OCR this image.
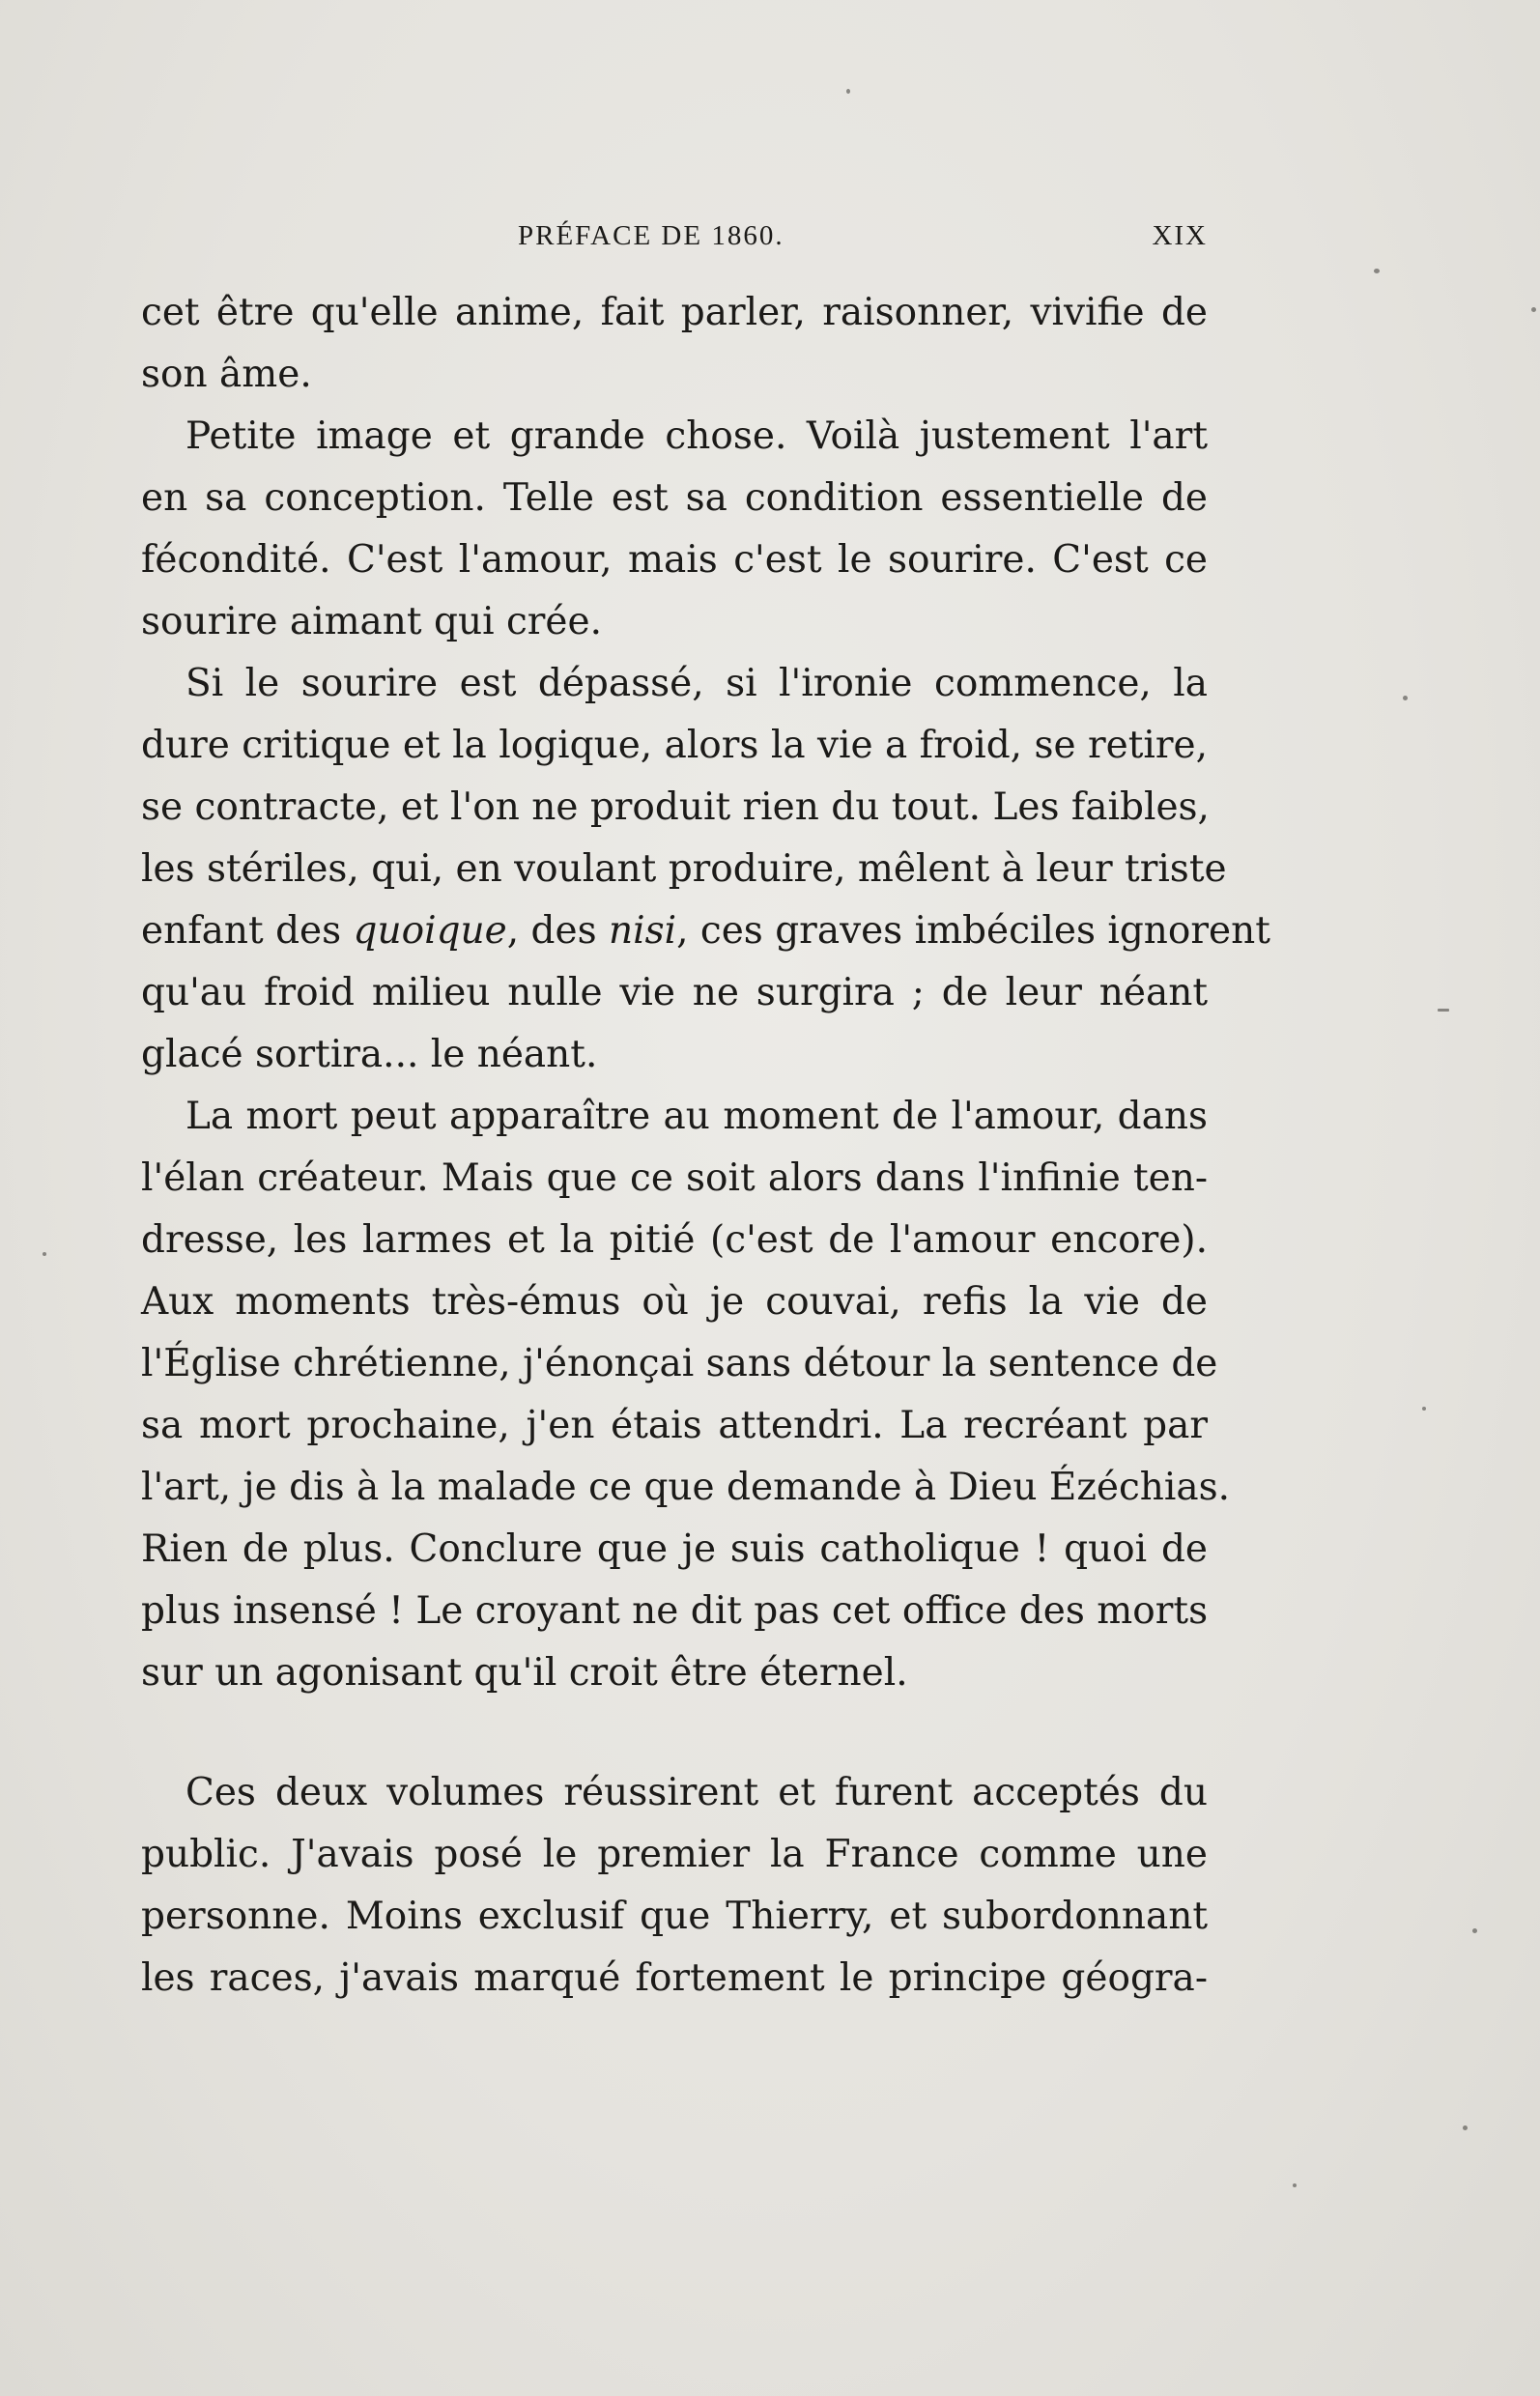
PRÉFACE DE 1860.	XIX

cet être qu'elle anime, fait parler, raisonner, vivifie de
son âme.

Petite image et grande chose. Voilà justement l'art
en sa conception. Telle est sa condition essentielle de
fécondité. C'est l'amour, mais c'est le sourire. C'est ce
sourire aimant qui crée.

Si le sourire est dépassé, si l'ironie commence, la
dure critique et la logique, alors la vie a froid, se retire,
se contracte, et l'on ne produit rien du tout. Les faibles,
les stériles, qui, en voulant produire, mêlent à leur triste
enfant des quoique, des nisi, ces graves imbéciles ignorent
qu'au froid milieu nulle vie ne surgira ; de leur néant
glacé sortira... le néant.

La mort peut apparaître au moment de l'amour, dans
l'élan créateur. Mais que ce soit alors dans l'infinie ten-
dresse, les larmes et la pitié (c'est de l'amour encore).
Aux moments très-émus où je couvai, refis la vie de
l'Église chrétienne, j'énonçai sans détour la sentence de
sa mort prochaine, j'en étais attendri. La recréant par
l'art, je dis à la malade ce que demande à Dieu Ézéchias.
Rien de plus. Conclure que je suis catholique ! quoi de
plus insensé ! Le croyant ne dit pas cet office des morts
sur un agonisant qu'il croit être éternel.

Ces deux volumes réussirent et furent acceptés du
public. J'avais posé le premier la France comme une
personne. Moins exclusif que Thierry, et subordonnant
les races, j'avais marqué fortement le principe géogra-
